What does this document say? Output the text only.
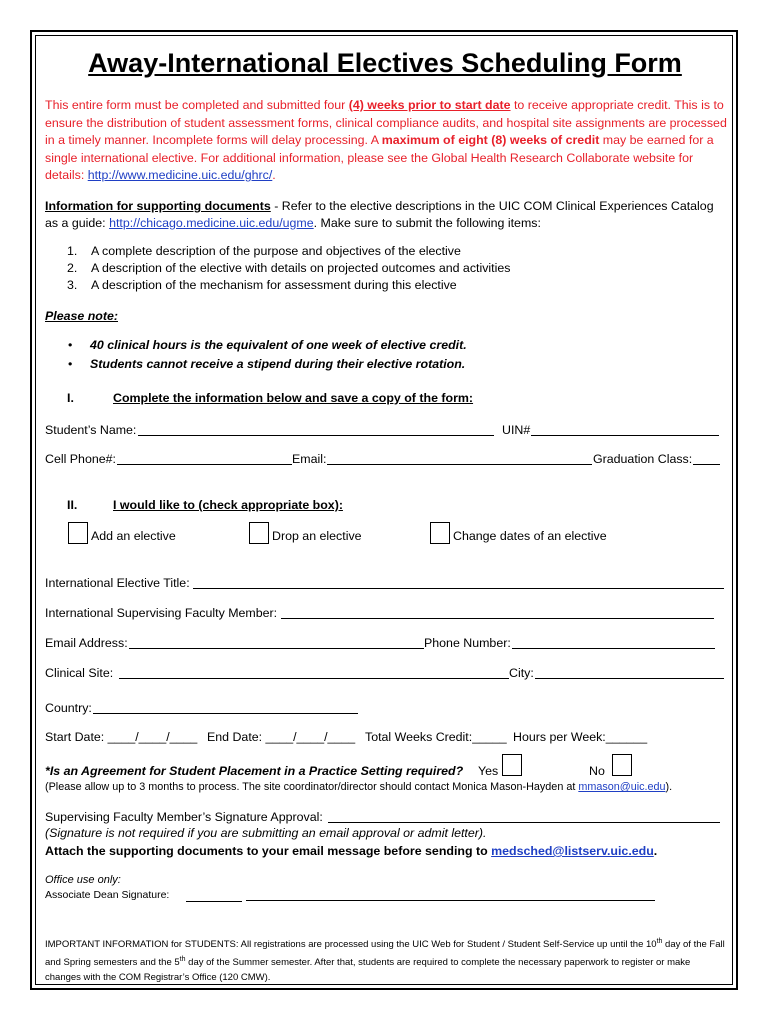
Away-International Electives Scheduling Form
This entire form must be completed and submitted four (4) weeks prior to start date to receive appropriate credit. This is to ensure the distribution of student assessment forms, clinical compliance audits, and hospital site assignments are processed in a timely manner. Incomplete forms will delay processing. A maximum of eight (8) weeks of credit may be earned for a single international elective. For additional information, please see the Global Health Research Collaborate website for details: http://www.medicine.uic.edu/ghrc/.
Information for supporting documents - Refer to the elective descriptions in the UIC COM Clinical Experiences Catalog as a guide: http://chicago.medicine.uic.edu/ugme. Make sure to submit the following items:
1. A complete description of the purpose and objectives of the elective
2. A description of the elective with details on projected outcomes and activities
3. A description of the mechanism for assessment during this elective
Please note:
• 40 clinical hours is the equivalent of one week of elective credit.
• Students cannot receive a stipend during their elective rotation.
I.	Complete the information below and save a copy of the form:
Student’s Name:	UIN#
Cell Phone#:	Email:	Graduation Class:
II.	I would like to (check appropriate box):
Add an elective	Drop an elective	Change dates of an elective
International Elective Title:
International Supervising Faculty Member:
Email Address:	Phone Number:
Clinical Site:	City:
Country:
Start Date: ____/____/____ End Date: ____/____/____ Total Weeks Credit:_____ Hours per Week:______
*Is an Agreement for Student Placement in a Practice Setting required? Yes	No
(Please allow up to 3 months to process. The site coordinator/director should contact Monica Mason-Hayden at mmason@uic.edu).
Supervising Faculty Member’s Signature Approval:
(Signature is not required if you are submitting an email approval or admit letter).
Attach the supporting documents to your email message before sending to medsched@listserv.uic.edu.
Office use only:
Associate Dean Signature:
IMPORTANT INFORMATION for STUDENTS: All registrations are processed using the UIC Web for Student / Student Self-Service up until the 10th day of the Fall and Spring semesters and the 5th day of the Summer semester. After that, students are required to complete the necessary paperwork to register or make changes with the COM Registrar’s Office (120 CMW).
